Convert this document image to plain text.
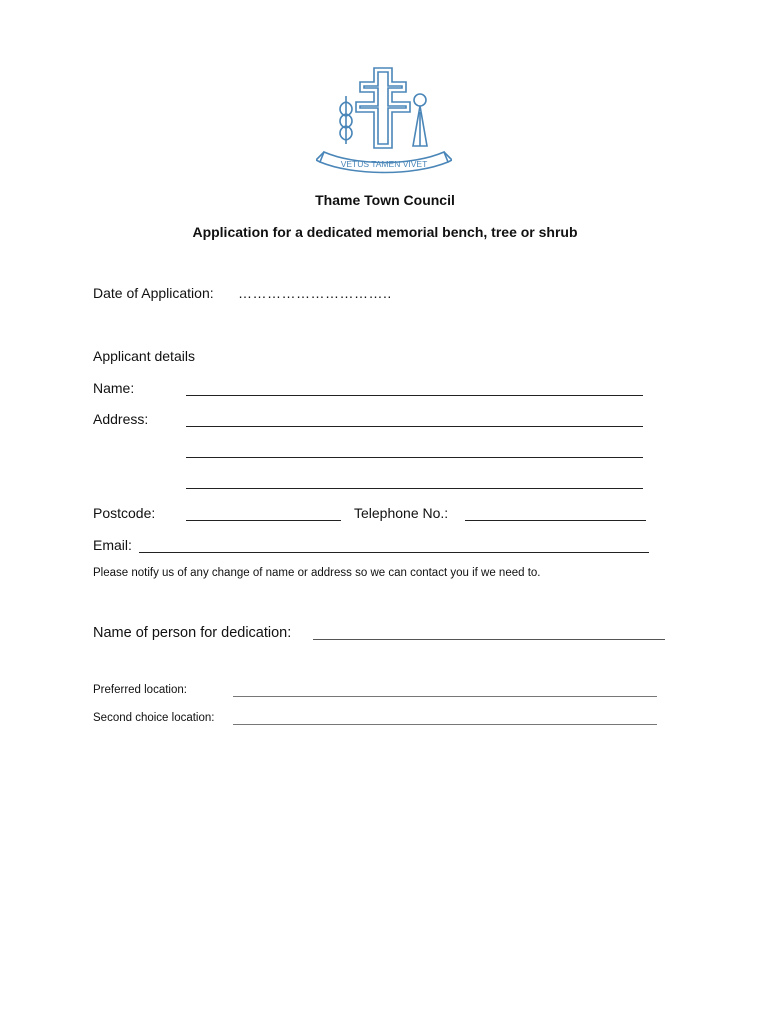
VETUS TAMEN VIVET
Thame Town Council
Application for a dedicated memorial bench, tree or shrub
Date of Application: …………………………..
Applicant details
Name:
Address:
Postcode:	Telephone No.:
Email:
Please notify us of any change of name or address so we can contact you if we need to.
Name of person for dedication:
Preferred location:
Second choice location:
